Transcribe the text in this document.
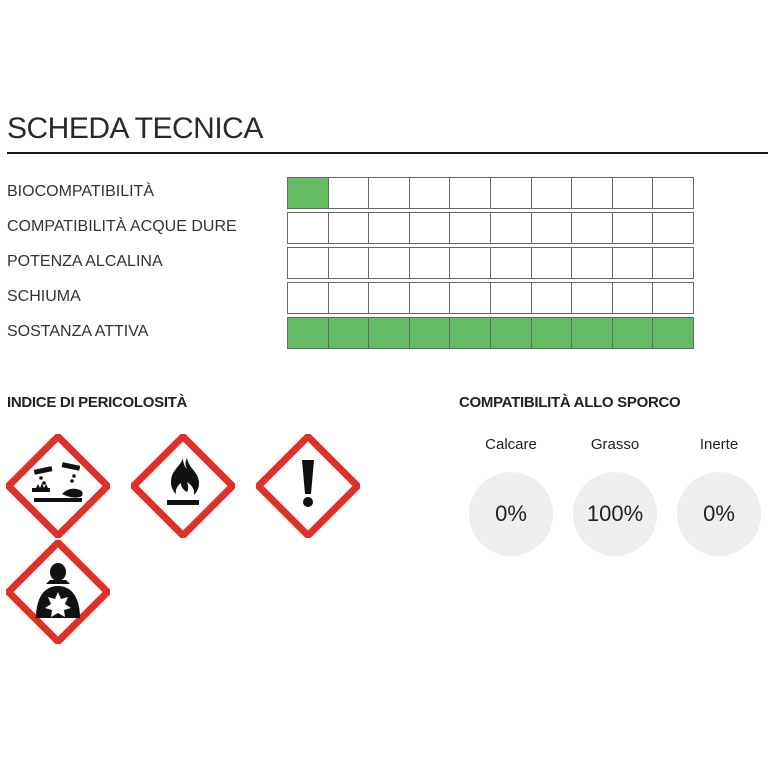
SCHEDA TECNICA
BIOCOMPATIBILITÀ
COMPATIBILITÀ ACQUE DURE
POTENZA ALCALINA
SCHIUMA
SOSTANZA ATTIVA
INDICE DI PERICOLOSITÀ	COMPATIBILITÀ ALLO SPORCO
Calcare
0%
Grasso
100%
Inerte
0%
